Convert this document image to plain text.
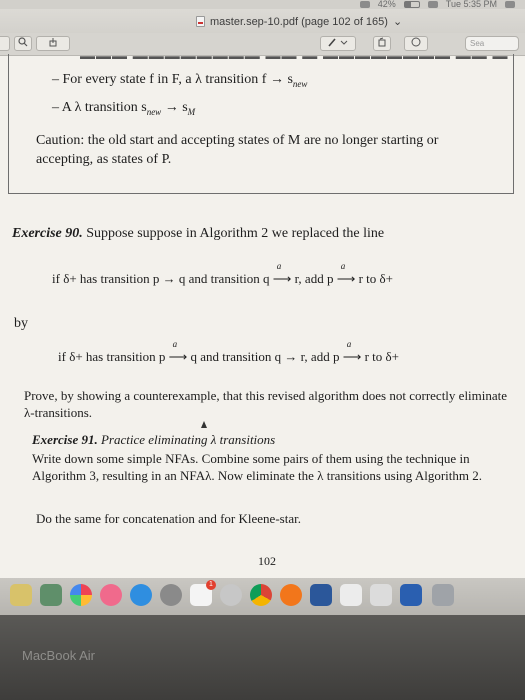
42%	Tue 5:35 PM
master.sep-10.pdf (page 102 of 165) ⌄
Sea
▬▬▬ ▬▬▬▬▬▬▬▬ ▬▬ ▬ ▬▬▬▬▬▬▬▬ ▬▬ ▬
– For every state f in F, a λ transition $f \to s_{new}$
– A λ transition $s_{new} \to s_M$
Caution: the old start and accepting states of M are no longer starting or accepting, as states of P.
Exercise 90. Suppose suppose in Algorithm 2 we replaced the line
if δ+ has transition p → q and transition q
a
⟶ r, add p
a
⟶ r to δ+
by
if δ+ has transition p
a
⟶ q and transition q → r, add p
a
⟶ r to δ+
Prove, by showing a counterexample, that this revised algorithm does not correctly eliminate λ-transitions.
Exercise 91. Practice eliminating λ transitions
Write down some simple NFAs. Combine some pairs of them using the technique in Algorithm 3, resulting in an NFAλ. Now eliminate the λ transitions using Algorithm 2.
Do the same for concatenation and for Kleene-star.
102
1
MacBook Air
